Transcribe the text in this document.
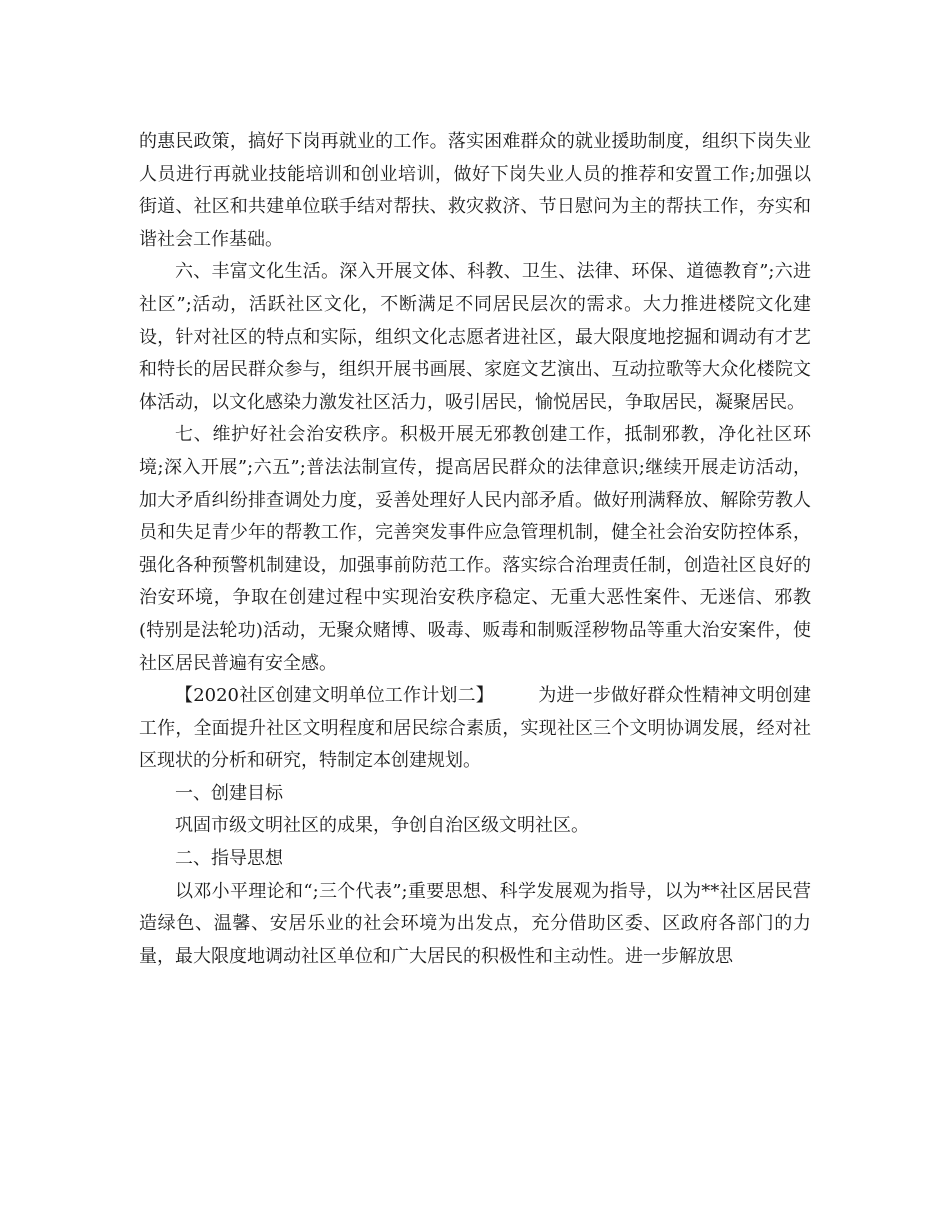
的惠民政策，搞好下岗再就业的工作。落实困难群众的就业援助制度，组织下岗失业人员进行再就业技能培训和创业培训，做好下岗失业人员的推荐和安置工作;加强以街道、社区和共建单位联手结对帮扶、救灾救济、节日慰问为主的帮扶工作，夯实和谐社会工作基础。

六、丰富文化生活。深入开展文体、科教、卫生、法律、环保、道德教育”;六进社区”;活动，活跃社区文化，不断满足不同居民层次的需求。大力推进楼院文化建设，针对社区的特点和实际，组织文化志愿者进社区，最大限度地挖掘和调动有才艺和特长的居民群众参与，组织开展书画展、家庭文艺演出、互动拉歌等大众化楼院文体活动，以文化感染力激发社区活力，吸引居民，愉悦居民，争取居民，凝聚居民。

七、维护好社会治安秩序。积极开展无邪教创建工作，抵制邪教，净化社区环境;深入开展”;六五”;普法法制宣传，提高居民群众的法律意识;继续开展走访活动，加大矛盾纠纷排查调处力度，妥善处理好人民内部矛盾。做好刑满释放、解除劳教人员和失足青少年的帮教工作，完善突发事件应急管理机制，健全社会治安防控体系，强化各种预警机制建设，加强事前防范工作。落实综合治理责任制，创造社区良好的治安环境，争取在创建过程中实现治安秩序稳定、无重大恶性案件、无迷信、邪教(特别是法轮功)活动，无聚众赌博、吸毒、贩毒和制贩淫秽物品等重大治安案件，使社区居民普遍有安全感。

【2020社区创建文明单位工作计划二】 为进一步做好群众性精神文明创建工作，全面提升社区文明程度和居民综合素质，实现社区三个文明协调发展，经对社区现状的分析和研究，特制定本创建规划。

一、创建目标

巩固市级文明社区的成果，争创自治区级文明社区。

二、指导思想

以邓小平理论和“;三个代表”;重要思想、科学发展观为指导，以为**社区居民营造绿色、温馨、安居乐业的社会环境为出发点，充分借助区委、区政府各部门的力量，最大限度地调动社区单位和广大居民的积极性和主动性。进一步解放思
